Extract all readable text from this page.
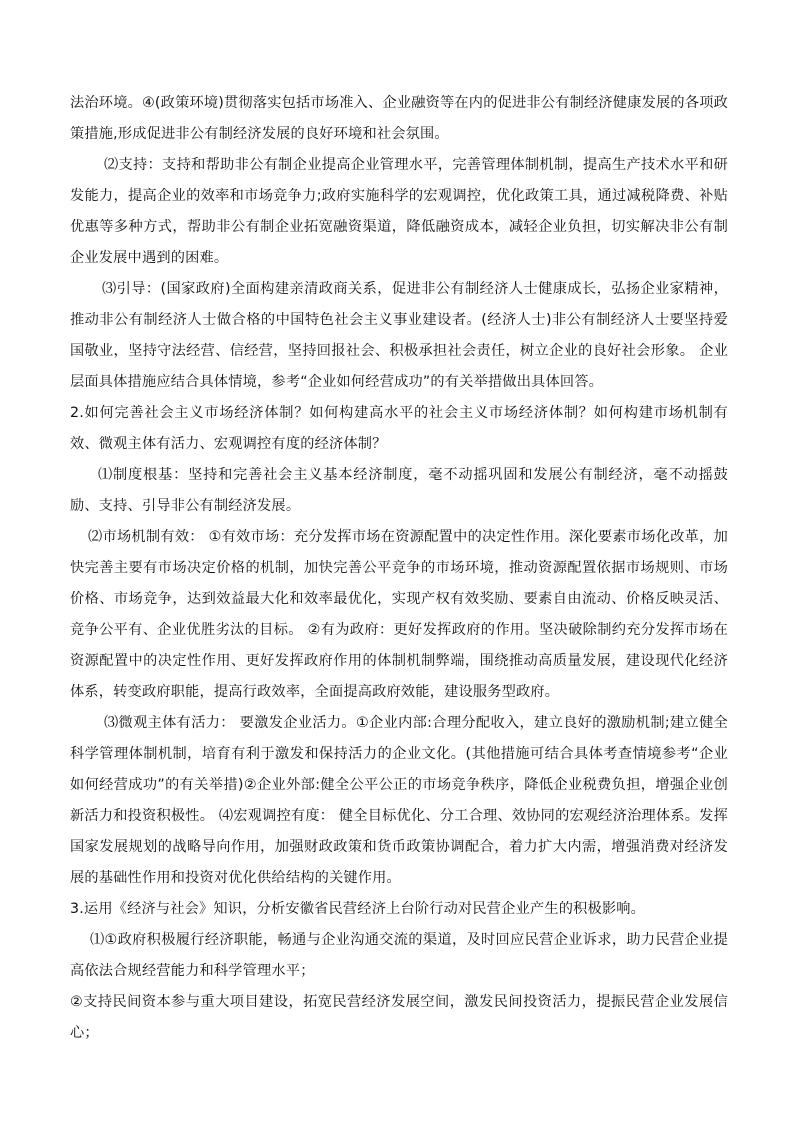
法治环境。④(政策环境)贯彻落实包括市场准入、企业融资等在内的促进非公有制经济健康发展的各项政策措施,形成促进非公有制经济发展的良好环境和社会氛围。

⑵支持：支持和帮助非公有制企业提高企业管理水平，完善管理体制机制，提高生产技术水平和研发能力，提高企业的效率和市场竞争力;政府实施科学的宏观调控，优化政策工具，通过减税降费、补贴优惠等多种方式，帮助非公有制企业拓宽融资渠道，降低融资成本，减轻企业负担，切实解决非公有制企业发展中遇到的困难。

⑶引导：(国家政府)全面构建亲清政商关系，促进非公有制经济人士健康成长，弘扬企业家精神，推动非公有制经济人士做合格的中国特色社会主义事业建设者。(经济人士)非公有制经济人士要坚持爱国敬业，坚持守法经营、信经营，坚持回报社会、积极承担社会责任，树立企业的良好社会形象。 企业层面具体措施应结合具体情境，参考“企业如何经营成功”的有关举措做出具体回答。

2.如何完善社会主义市场经济体制？如何构建高水平的社会主义市场经济体制？如何构建市场机制有效、微观主体有活力、宏观调控有度的经济体制？

⑴制度根基：坚持和完善社会主义基本经济制度，毫不动摇巩固和发展公有制经济，毫不动摇鼓励、支持、引导非公有制经济发展。

⑵市场机制有效： ①有效市场：充分发挥市场在资源配置中的决定性作用。深化要素市场化改革，加快完善主要有市场决定价格的机制，加快完善公平竞争的市场环境，推动资源配置依据市场规则、市场价格、市场竞争，达到效益最大化和效率最优化，实现产权有效奖励、要素自由流动、价格反映灵活、竞争公平有、企业优胜劣汰的目标。 ②有为政府：更好发挥政府的作用。坚决破除制约充分发挥市场在资源配置中的决定性作用、更好发挥政府作用的体制机制弊端，围绕推动高质量发展，建设现代化经济体系，转变政府职能，提高行政效率，全面提高政府效能，建设服务型政府。

⑶微观主体有活力： 要激发企业活力。①企业内部:合理分配收入，建立良好的激励机制;建立健全科学管理体制机制，培育有利于激发和保持活力的企业文化。(其他措施可结合具体考查情境参考“企业如何经营成功”的有关举措)②企业外部:健全公平公正的市场竞争秩序，降低企业税费负担，增强企业创新活力和投资积极性。 ⑷宏观调控有度： 健全目标优化、分工合理、效协同的宏观经济治理体系。发挥国家发展规划的战略导向作用，加强财政政策和货币政策协调配合，着力扩大内需，增强消费对经济发展的基础性作用和投资对优化供给结构的关键作用。

3.运用《经济与社会》知识，分析安徽省民营经济上台阶行动对民营企业产生的积极影响。

⑴①政府积极履行经济职能，畅通与企业沟通交流的渠道，及时回应民营企业诉求，助力民营企业提高依法合规经营能力和科学管理水平；

②支持民间资本参与重大项目建设，拓宽民营经济发展空间，激发民间投资活力，提振民营企业发展信心；
